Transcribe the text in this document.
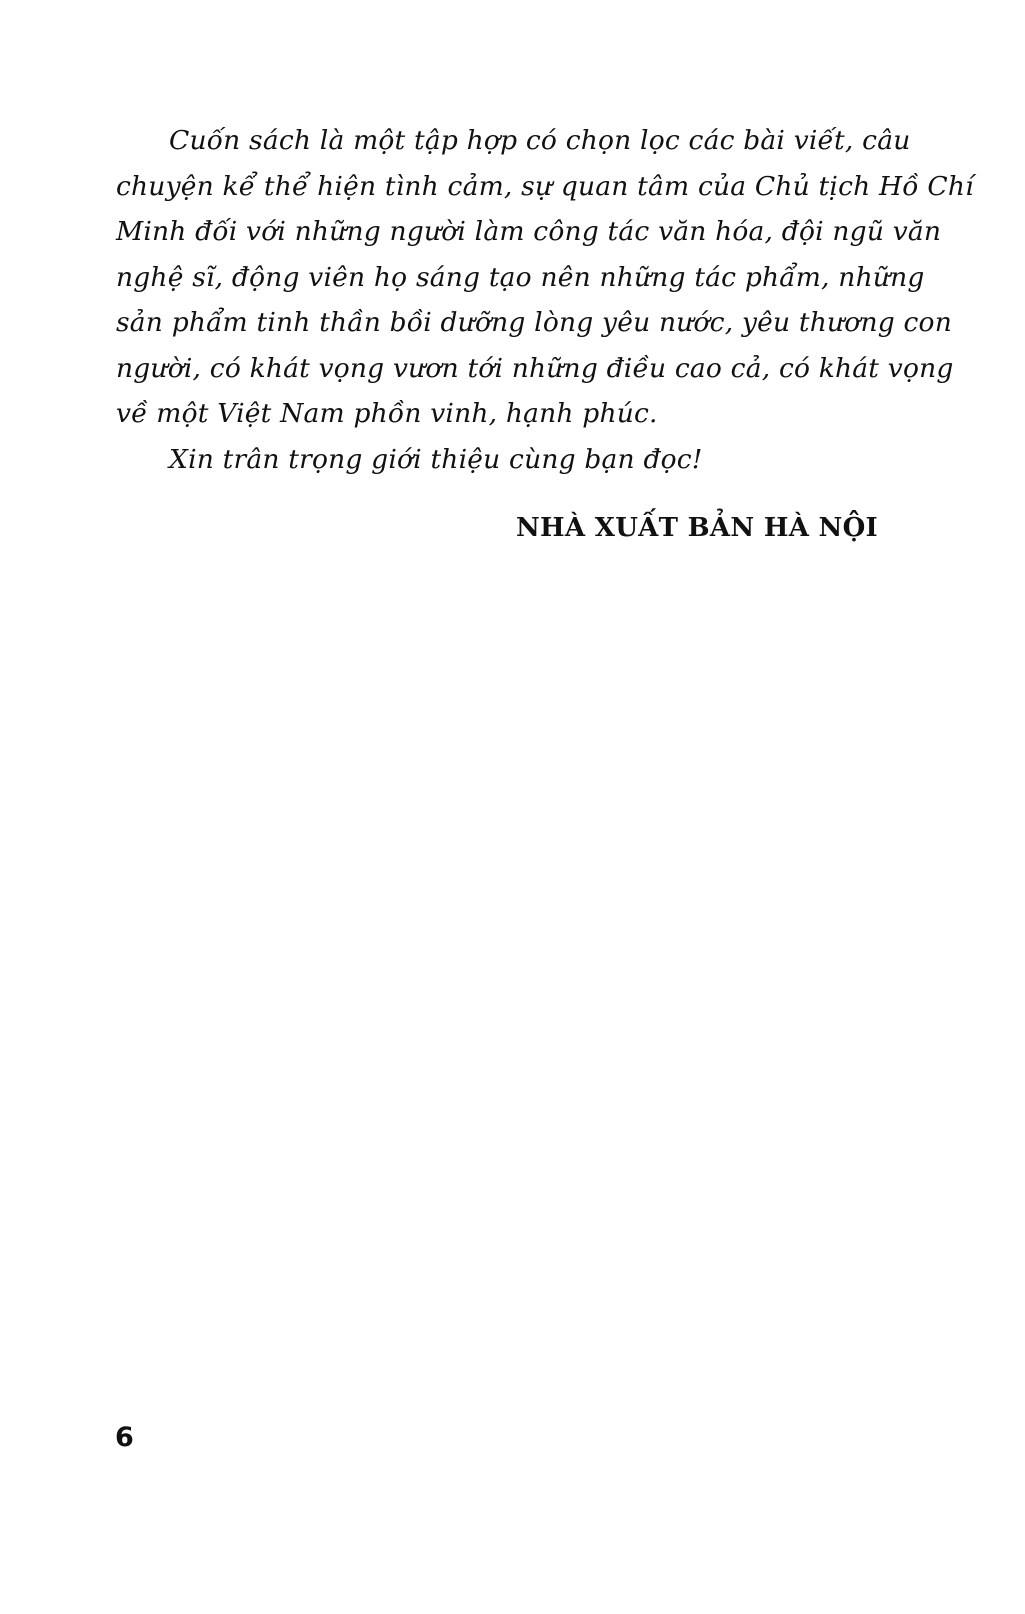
Cuốn sách là một tập hợp có chọn lọc các bài viết, câu
chuyện kể thể hiện tình cảm, sự quan tâm của Chủ tịch Hồ Chí
Minh đối với những người làm công tác văn hóa, đội ngũ văn
nghệ sĩ, động viên họ sáng tạo nên những tác phẩm, những
sản phẩm tinh thần bồi dưỡng lòng yêu nước, yêu thương con
người, có khát vọng vươn tới những điều cao cả, có khát vọng
về một Việt Nam phồn vinh, hạnh phúc.
Xin trân trọng giới thiệu cùng bạn đọc!
NHÀ XUẤT BẢN HÀ NỘI
6
